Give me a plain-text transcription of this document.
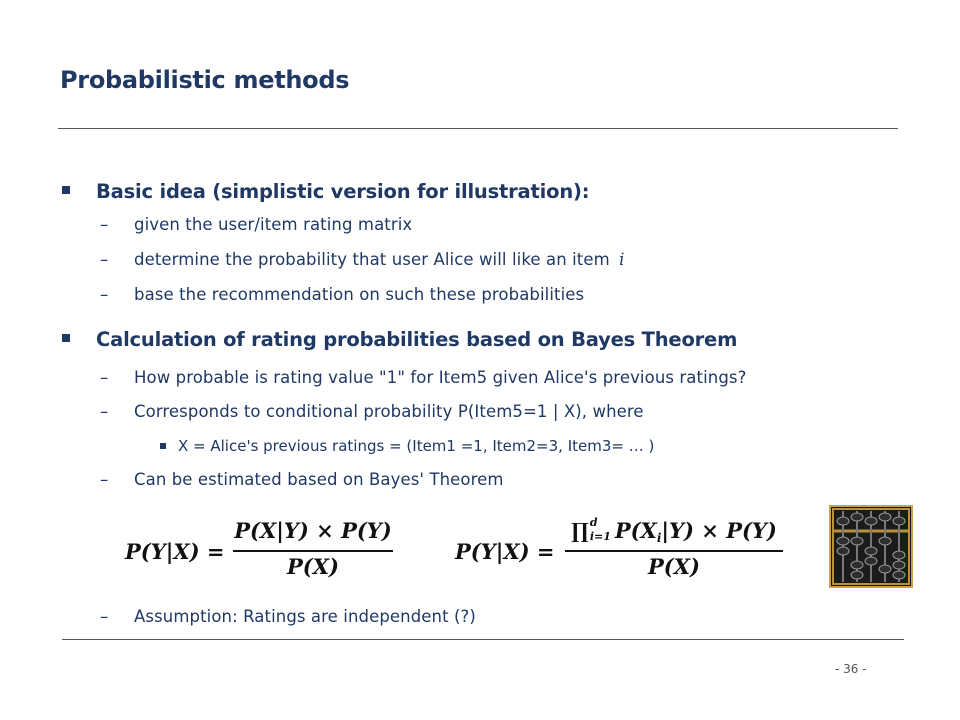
Probabilistic methods
Basic idea (simplistic version for illustration):
– given the user/item rating matrix
– determine the probability that user Alice will like an item i
– base the recommendation on such these probabilities
Calculation of rating probabilities based on Bayes Theorem
– How probable is rating value "1" for Item5 given Alice's previous ratings?
– Corresponds to conditional probability P(Item5=1 | X), where
X = Alice's previous ratings = (Item1 =1, Item2=3, Item3= … )
– Can be estimated based on Bayes' Theorem
P(Y|X) =
P(X|Y) × P(Y)
P(X)
P(Y|X) =
∏ d
i=1 P(Xi|Y) × P(Y)
P(X)
– Assumption: Ratings are independent (?)
- 36 -
